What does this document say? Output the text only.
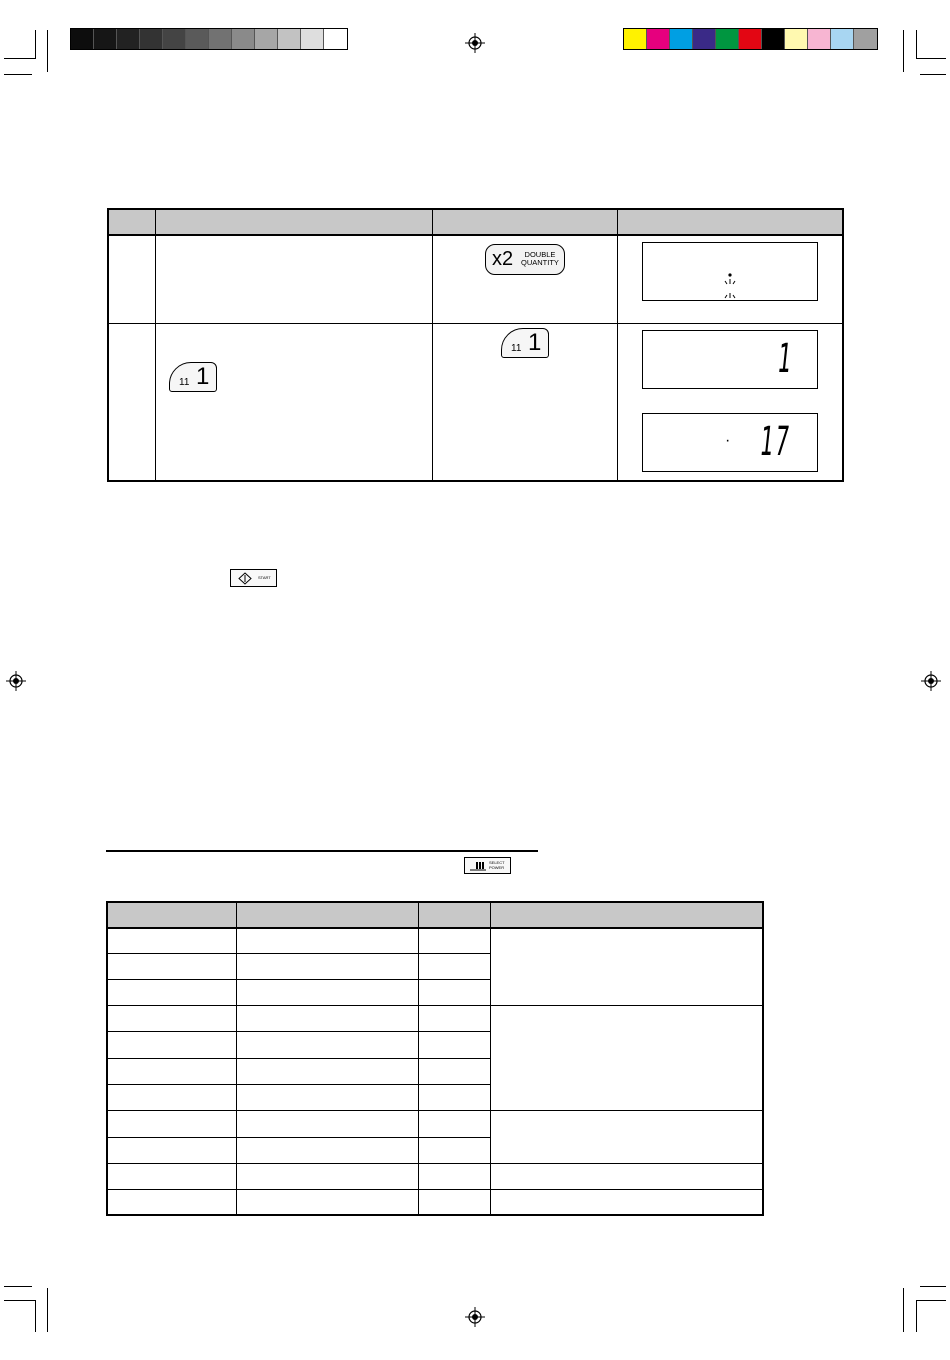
x2	DOUBLE
QUANTITY
11 1
11 1	1
· 17
START
SELECT
POWER
